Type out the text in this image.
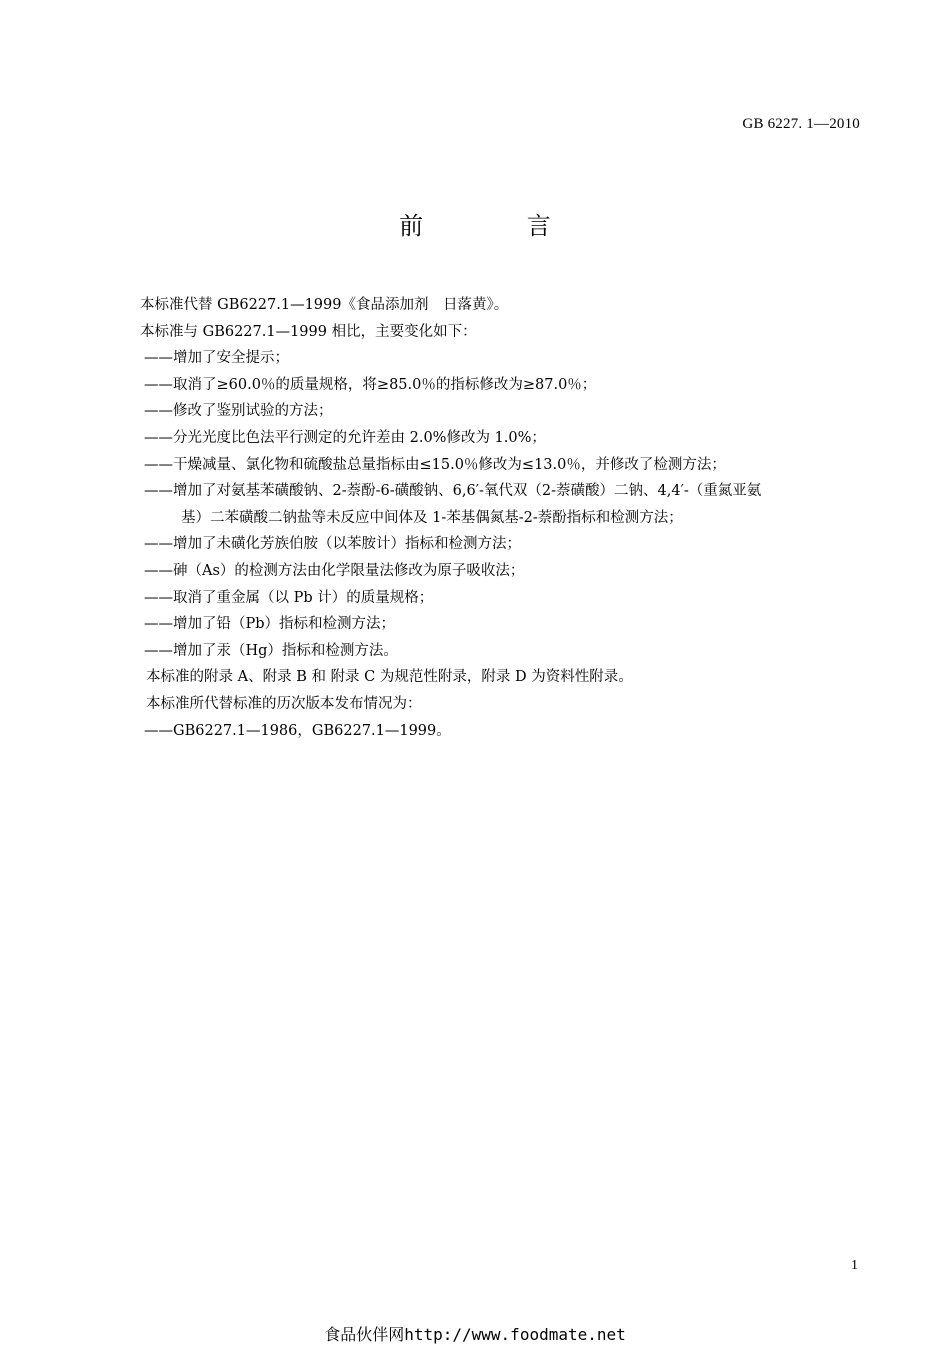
GB 6227. 1—2010
前 言
本标准代替 GB6227.1—1999《食品添加剂　日落黄》。
本标准与 GB6227.1—1999 相比，主要变化如下：
——增加了安全提示；
——取消了≥60.0％的质量规格，将≥85.0％的指标修改为≥87.0％；
——修改了鉴别试验的方法；
——分光光度比色法平行测定的允许差由 2.0%修改为 1.0%；
——干燥减量、氯化物和硫酸盐总量指标由≤15.0％修改为≤13.0％，并修改了检测方法；
——增加了对氨基苯磺酸钠、2-萘酚-6-磺酸钠、6,6′-氧代双（2-萘磺酸）二钠、4,4′-（重氮亚氨
基）二苯磺酸二钠盐等未反应中间体及 1-苯基偶氮基-2-萘酚指标和检测方法；
——增加了未磺化芳族伯胺（以苯胺计）指标和检测方法；
——砷（As）的检测方法由化学限量法修改为原子吸收法；
——取消了重金属（以 Pb 计）的质量规格；
——增加了铅（Pb）指标和检测方法；
——增加了汞（Hg）指标和检测方法。
本标准的附录 A、附录 B 和 附录 C 为规范性附录，附录 D 为资料性附录。
本标准所代替标准的历次版本发布情况为：
——GB6227.1—1986，GB6227.1—1999。
1
食品伙伴网http://www.foodmate.net
